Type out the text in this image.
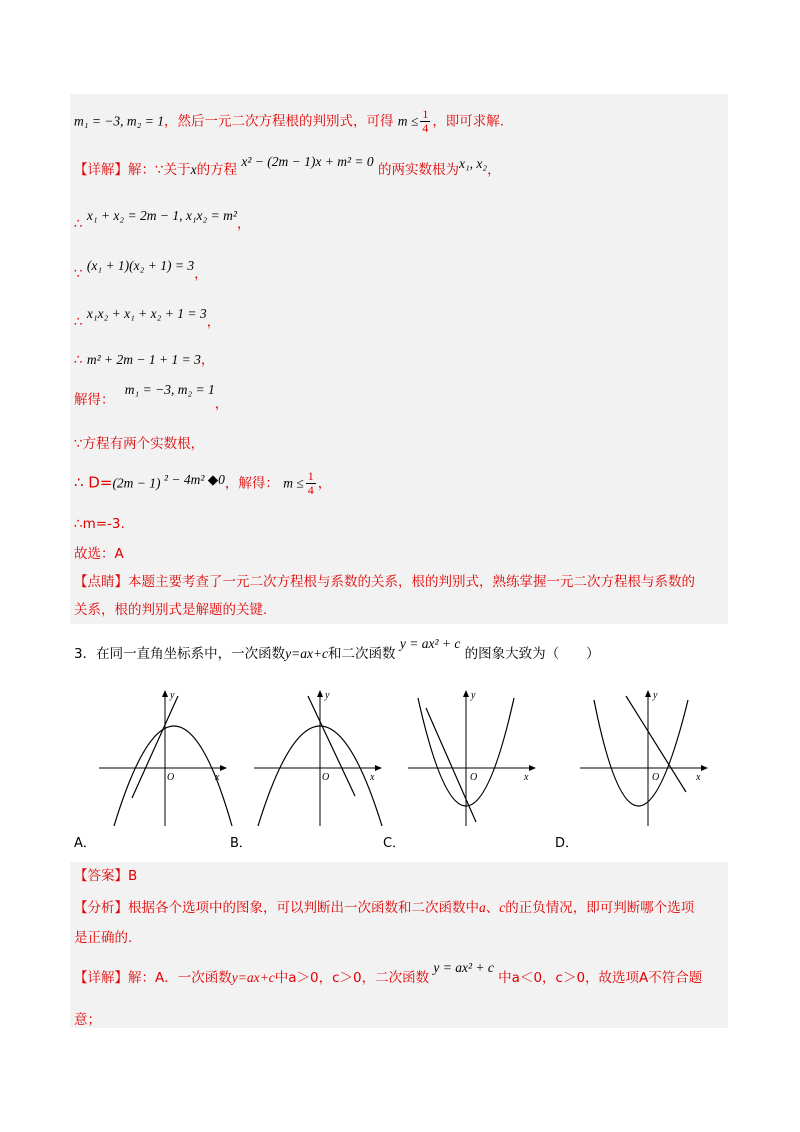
m₁ = −3, m₂ = 1，然后一元二次方程根的判别式，可得 $m \le \frac{1}{4}$ ，即可求解.
【详解】解：∵关于x的方程 x² − (2m − 1)x + m² = 0 的两实数根为x₁, x₂，
∴ x₁ + x₂ = 2m − 1, x₁x₂ = m²，
∵ (x₁ + 1)(x₂ + 1) = 3，
∴ x₁x₂ + x₁ + x₂ + 1 = 3，
∴ m² + 2m − 1 + 1 = 3，
解得： m₁ = −3, m₂ = 1，
∵方程有两个实数根，
∴ D=(2m − 1) ² − 4m² ◆0，解得： $m \le \frac{1}{4}$ ，
∴m=-3.
故选：A
【点睛】本题主要考查了一元二次方程根与系数的关系，根的判别式，熟练掌握一元二次方程根与系数的
关系，根的判别式是解题的关键.
3．在同一直角坐标系中，一次函数y=ax+c和二次函数 y = ax² + c 的图象大致为（　　）
y
x
O
y
x
O
y
x
O
y
x
O
A．	B．	C．	D．
【答案】B
【分析】根据各个选项中的图象，可以判断出一次函数和二次函数中a、c的正负情况，即可判断哪个选项
是正确的.
【详解】解：A．一次函数y=ax+c中a＞0，c＞0，二次函数 y = ax² + c 中a＜0，c＞0，故选项A不符合题
意；
